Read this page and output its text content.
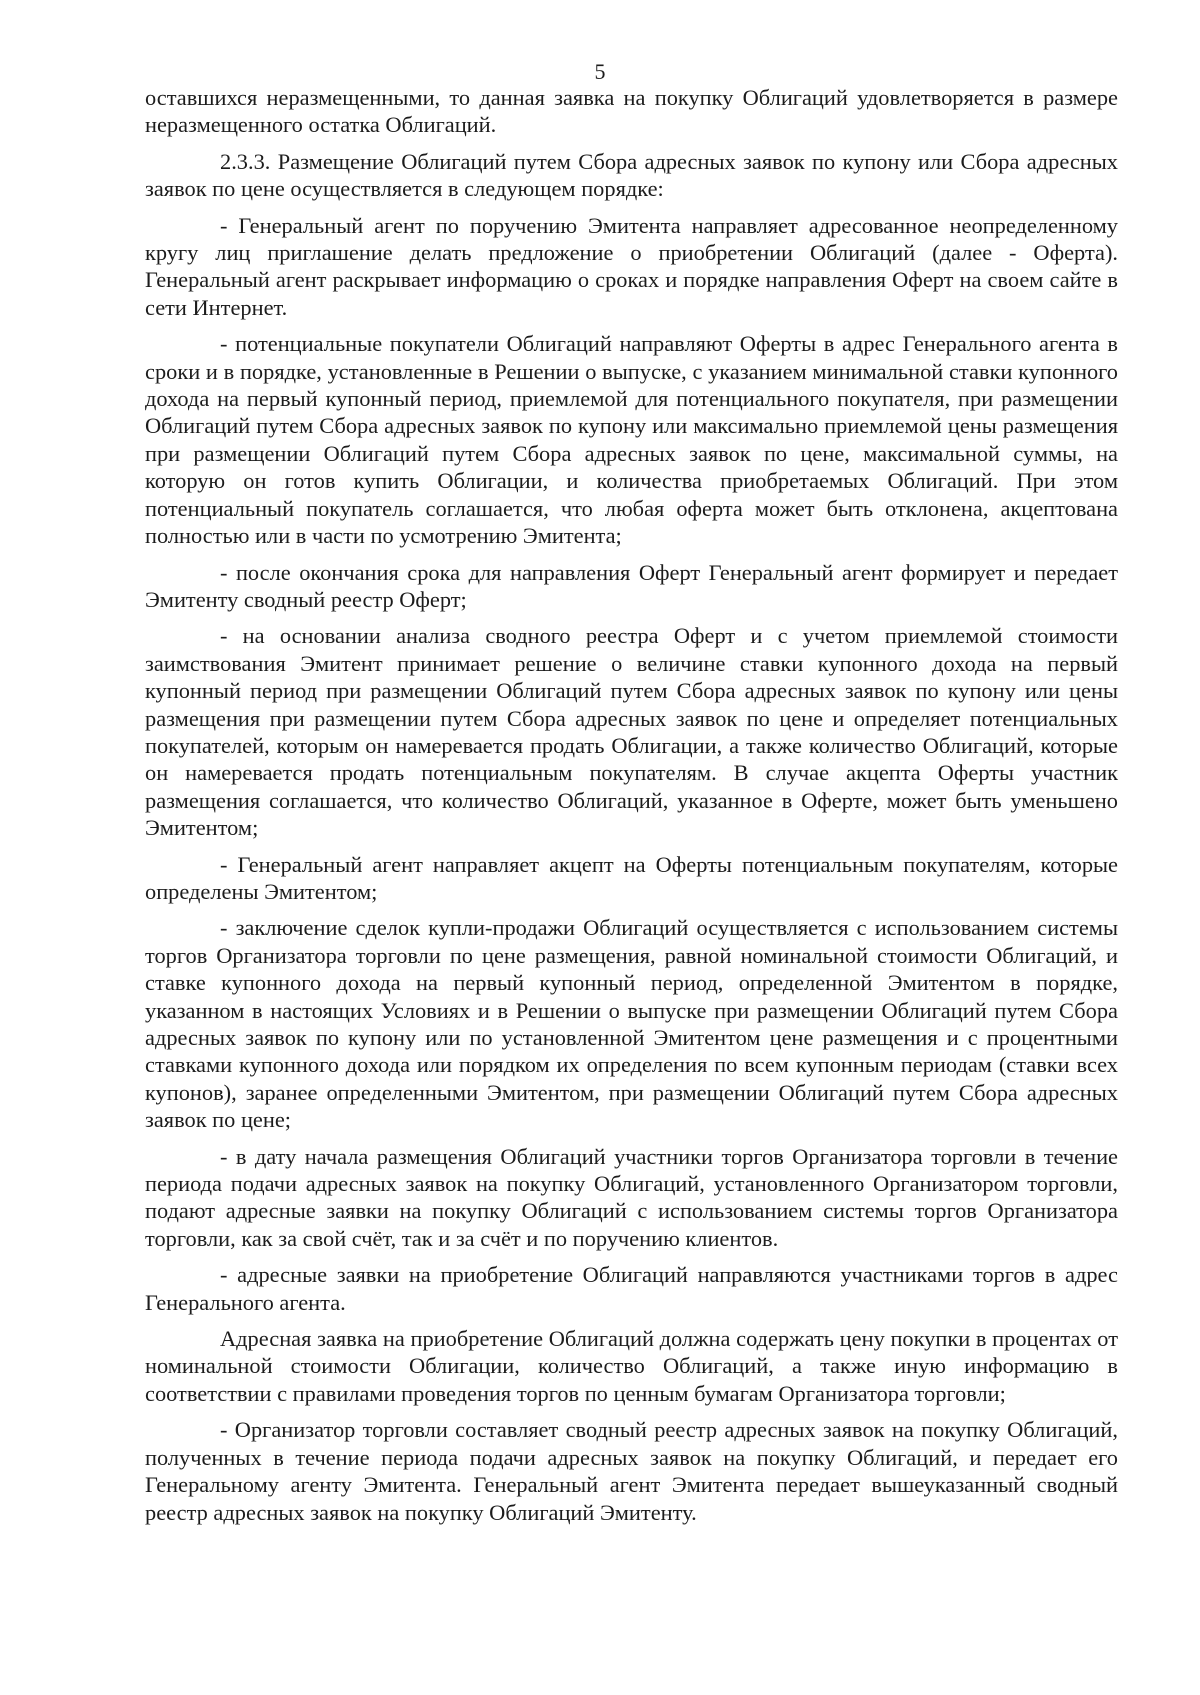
5

оставшихся неразмещенными, то данная заявка на покупку Облигаций удовлетворяется в размере неразмещенного остатка Облигаций.

2.3.3. Размещение Облигаций путем Сбора адресных заявок по купону или Сбора адресных заявок по цене осуществляется в следующем порядке:

- Генеральный агент по поручению Эмитента направляет адресованное неопределенному кругу лиц приглашение делать предложение о приобретении Облигаций (далее - Оферта). Генеральный агент раскрывает информацию о сроках и порядке направления Оферт на своем сайте в сети Интернет.

- потенциальные покупатели Облигаций направляют Оферты в адрес Генерального агента в сроки и в порядке, установленные в Решении о выпуске, с указанием минимальной ставки купонного дохода на первый купонный период, приемлемой для потенциального покупателя, при размещении Облигаций путем Сбора адресных заявок по купону или максимально приемлемой цены размещения при размещении Облигаций путем Сбора адресных заявок по цене, максимальной суммы, на которую он готов купить Облигации, и количества приобретаемых Облигаций. При этом потенциальный покупатель соглашается, что любая оферта может быть отклонена, акцептована полностью или в части по усмотрению Эмитента;

- после окончания срока для направления Оферт Генеральный агент формирует и передает Эмитенту сводный реестр Оферт;

- на основании анализа сводного реестра Оферт и с учетом приемлемой стоимости заимствования Эмитент принимает решение о величине ставки купонного дохода на первый купонный период при размещении Облигаций путем Сбора адресных заявок по купону или цены размещения при размещении путем Сбора адресных заявок по цене и определяет потенциальных покупателей, которым он намеревается продать Облигации, а также количество Облигаций, которые он намеревается продать потенциальным покупателям. В случае акцепта Оферты участник размещения соглашается, что количество Облигаций, указанное в Оферте, может быть уменьшено Эмитентом;

- Генеральный агент направляет акцепт на Оферты потенциальным покупателям, которые определены Эмитентом;

- заключение сделок купли-продажи Облигаций осуществляется с использованием системы торгов Организатора торговли по цене размещения, равной номинальной стоимости Облигаций, и ставке купонного дохода на первый купонный период, определенной Эмитентом в порядке, указанном в настоящих Условиях и в Решении о выпуске при размещении Облигаций путем Сбора адресных заявок по купону или по установленной Эмитентом цене размещения и с процентными ставками купонного дохода или порядком их определения по всем купонным периодам (ставки всех купонов), заранее определенными Эмитентом, при размещении Облигаций путем Сбора адресных заявок по цене;

- в дату начала размещения Облигаций участники торгов Организатора торговли в течение периода подачи адресных заявок на покупку Облигаций, установленного Организатором торговли, подают адресные заявки на покупку Облигаций с использованием системы торгов Организатора торговли, как за свой счёт, так и за счёт и по поручению клиентов.

- адресные заявки на приобретение Облигаций направляются участниками торгов в адрес Генерального агента.

Адресная заявка на приобретение Облигаций должна содержать цену покупки в процентах от номинальной стоимости Облигации, количество Облигаций, а также иную информацию в соответствии с правилами проведения торгов по ценным бумагам Организатора торговли;

- Организатор торговли составляет сводный реестр адресных заявок на покупку Облигаций, полученных в течение периода подачи адресных заявок на покупку Облигаций, и передает его Генеральному агенту Эмитента. Генеральный агент Эмитента передает вышеуказанный сводный реестр адресных заявок на покупку Облигаций Эмитенту.
